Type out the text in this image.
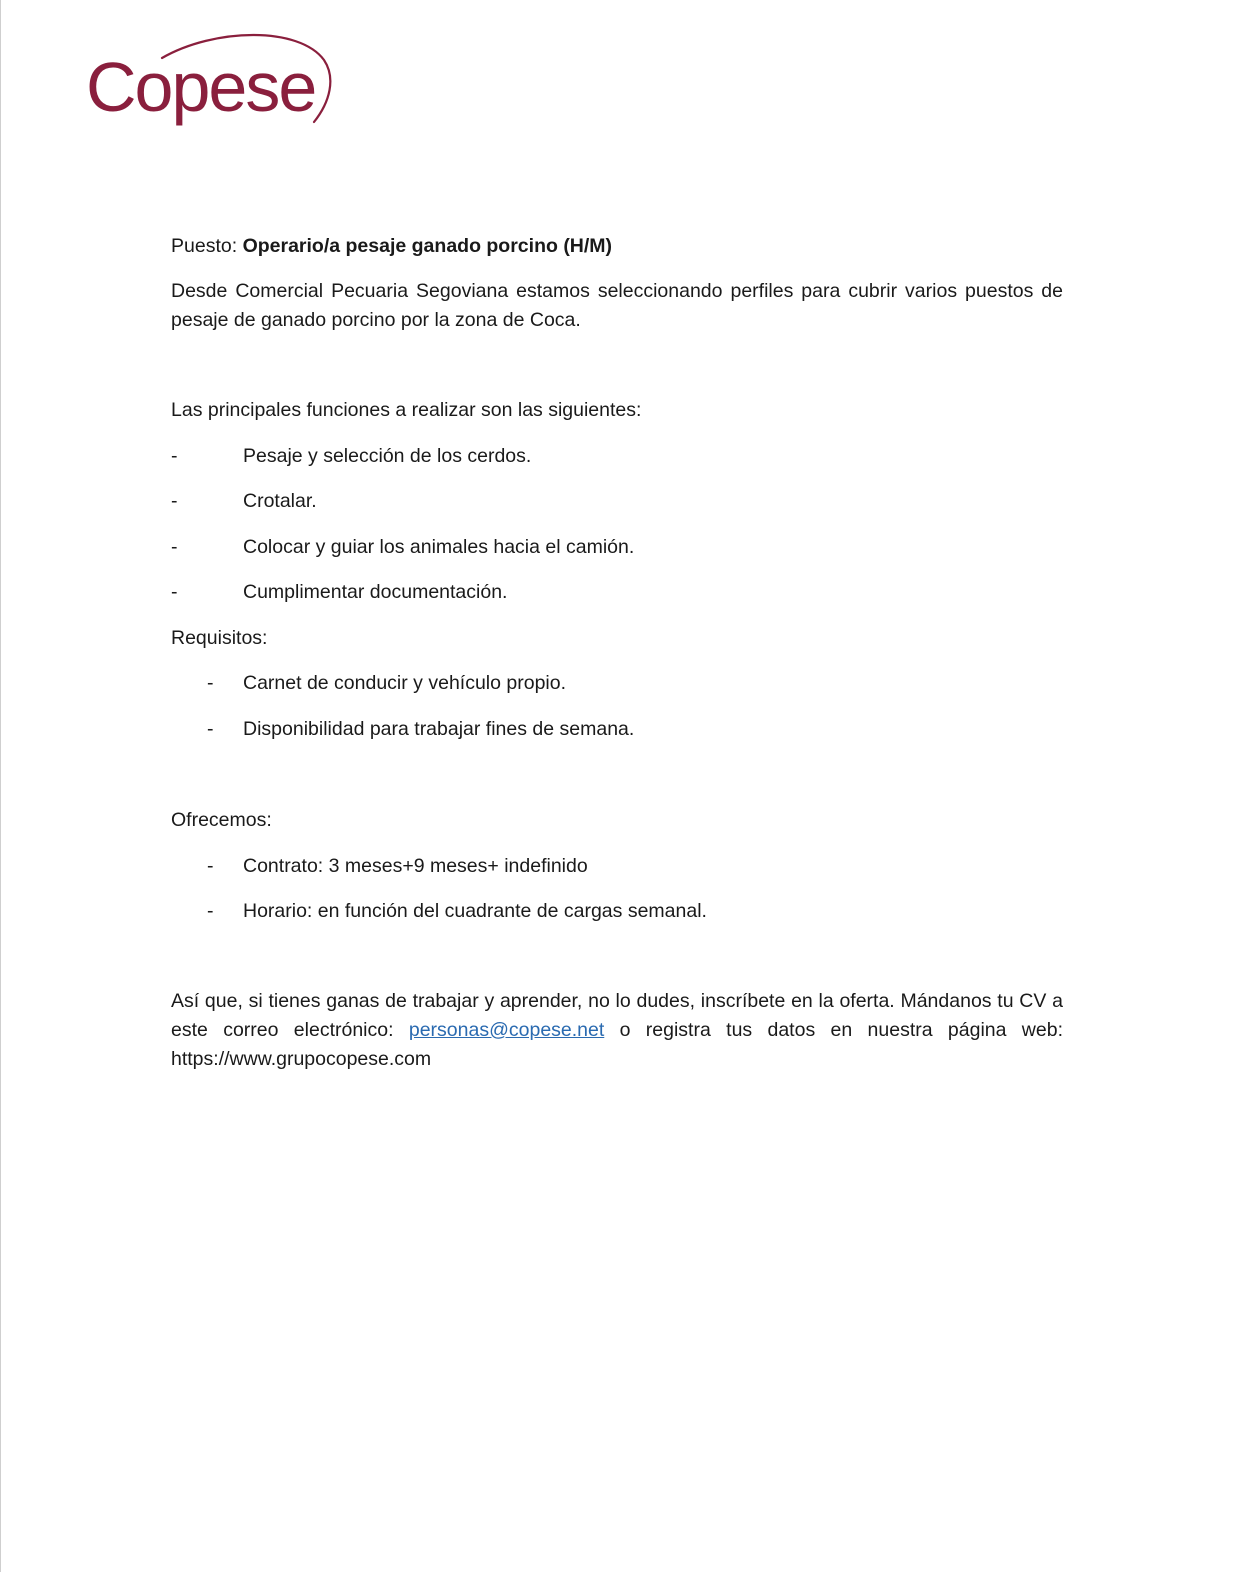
Copese

Puesto: Operario/a pesaje ganado porcino (H/M)

Desde Comercial Pecuaria Segoviana estamos seleccionando perfiles para cubrir varios puestos de pesaje de ganado porcino por la zona de Coca.

Las principales funciones a realizar son las siguientes:

-	Pesaje y selección de los cerdos.
-	Crotalar.
-	Colocar y guiar los animales hacia el camión.
-	Cumplimentar documentación.

Requisitos:

- Carnet de conducir y vehículo propio.
- Disponibilidad para trabajar fines de semana.

Ofrecemos:

- Contrato: 3 meses+9 meses+ indefinido
- Horario: en función del cuadrante de cargas semanal.

Así que, si tienes ganas de trabajar y aprender, no lo dudes, inscríbete en la oferta. Mándanos tu CV a este correo electrónico: personas@copese.net o registra tus datos en nuestra página web: https://www.grupocopese.com
